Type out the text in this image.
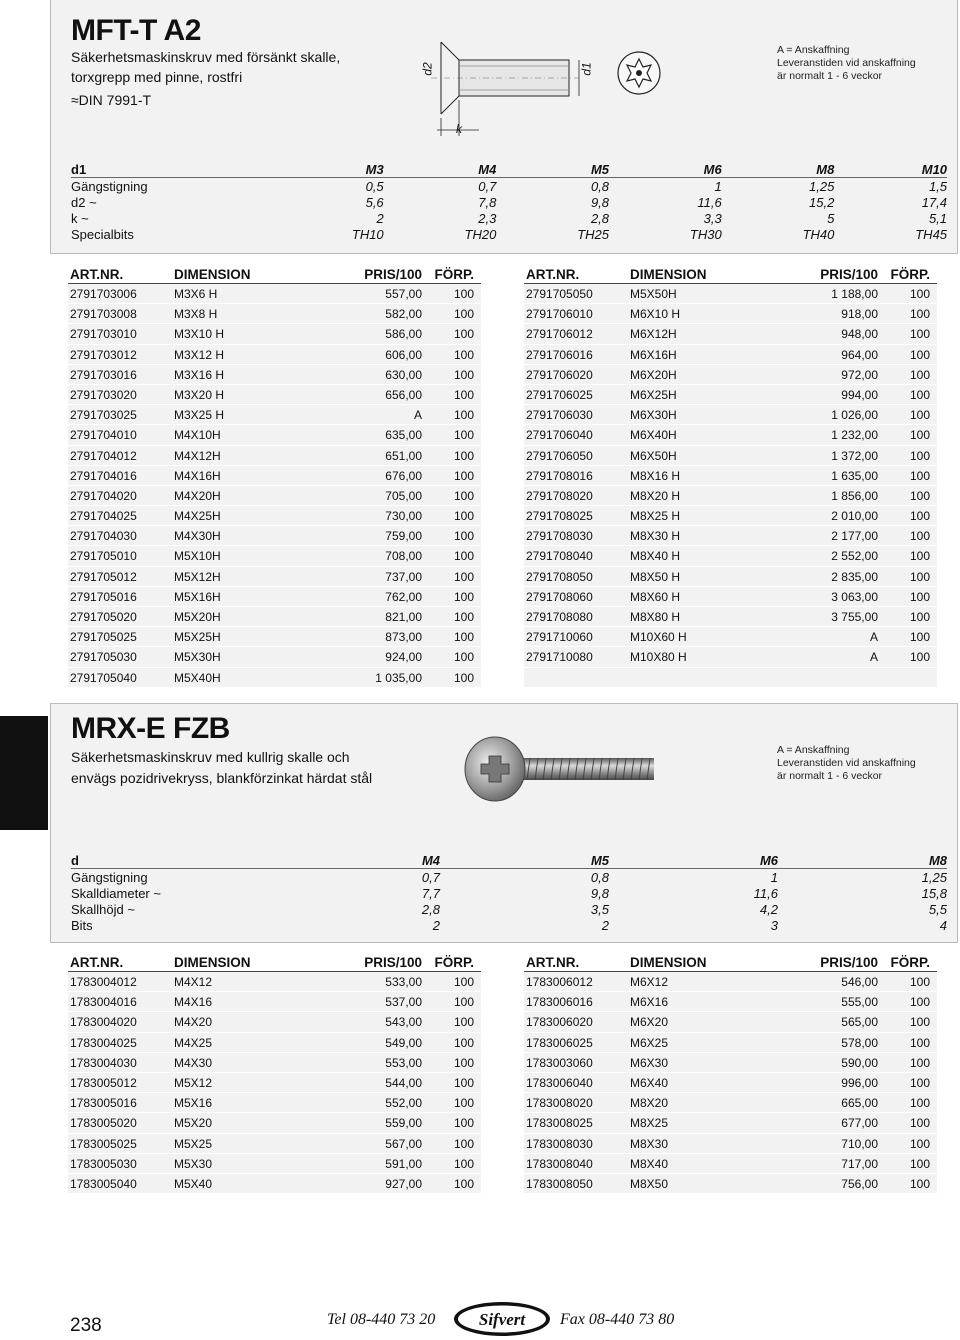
MFT-T A2
Säkerhetsmaskinskruv med försänkt skalle,
torxgrepp med pinne, rostfri
≈DIN 7991-T
d2	d1
k
A = Anskaffning
Leveranstiden vid anskaffning
är normalt 1 - 6 veckor
d1	M3	M4	M5	M6	M8	M10
Gängstigning	0,5	0,7	0,8	1	1,25	1,5
d2 ~	5,6	7,8	9,8	11,6	15,2	17,4
k ~	2	2,3	2,8	3,3	5	5,1
Specialbits	TH10	TH20	TH25	TH30	TH40	TH45
ART.NR.	DIMENSION	PRIS/100 FÖRP.
2791703006	M3X6 H	557,00	100
2791703008	M3X8 H	582,00	100
2791703010	M3X10 H	586,00	100
2791703012	M3X12 H	606,00	100
2791703016	M3X16 H	630,00	100
2791703020	M3X20 H	656,00	100
2791703025	M3X25 H	A	100
2791704010	M4X10H	635,00	100
2791704012	M4X12H	651,00	100
2791704016	M4X16H	676,00	100
2791704020	M4X20H	705,00	100
2791704025	M4X25H	730,00	100
2791704030	M4X30H	759,00	100
2791705010	M5X10H	708,00	100
2791705012	M5X12H	737,00	100
2791705016	M5X16H	762,00	100
2791705020	M5X20H	821,00	100
2791705025	M5X25H	873,00	100
2791705030	M5X30H	924,00	100
2791705040	M5X40H	1 035,00	100
ART.NR.	DIMENSION	PRIS/100 FÖRP.
2791705050	M5X50H	1 188,00	100
2791706010	M6X10 H	918,00	100
2791706012	M6X12H	948,00	100
2791706016	M6X16H	964,00	100
2791706020	M6X20H	972,00	100
2791706025	M6X25H	994,00	100
2791706030	M6X30H	1 026,00	100
2791706040	M6X40H	1 232,00	100
2791706050	M6X50H	1 372,00	100
2791708016	M8X16 H	1 635,00	100
2791708020	M8X20 H	1 856,00	100
2791708025	M8X25 H	2 010,00	100
2791708030	M8X30 H	2 177,00	100
2791708040	M8X40 H	2 552,00	100
2791708050	M8X50 H	2 835,00	100
2791708060	M8X60 H	3 063,00	100
2791708080	M8X80 H	3 755,00	100
2791710060	M10X60 H	A	100
2791710080	M10X80 H	A	100
MRX-E FZB
Säkerhetsmaskinskruv med kullrig skalle och
envägs pozidrivekryss, blankförzinkat härdat stål
A = Anskaffning
Leveranstiden vid anskaffning
är normalt 1 - 6 veckor
d	M4	M5	M6	M8
Gängstigning	0,7	0,8	1	1,25
Skalldiameter ~	7,7	9,8	11,6	15,8
Skallhöjd ~	2,8	3,5	4,2	5,5
Bits	2	2	3	4
ART.NR.	DIMENSION	PRIS/100 FÖRP.
1783004012	M4X12	533,00	100
1783004016	M4X16	537,00	100
1783004020	M4X20	543,00	100
1783004025	M4X25	549,00	100
1783004030	M4X30	553,00	100
1783005012	M5X12	544,00	100
1783005016	M5X16	552,00	100
1783005020	M5X20	559,00	100
1783005025	M5X25	567,00	100
1783005030	M5X30	591,00	100
1783005040	M5X40	927,00	100
ART.NR.	DIMENSION	PRIS/100 FÖRP.
1783006012	M6X12	546,00	100
1783006016	M6X16	555,00	100
1783006020	M6X20	565,00	100
1783006025	M6X25	578,00	100
1783003060	M6X30	590,00	100
1783006040	M6X40	996,00	100
1783008020	M8X20	665,00	100
1783008025	M8X25	677,00	100
1783008030	M8X30	710,00	100
1783008040	M8X40	717,00	100
1783008050	M8X50	756,00	100
238	Tel 08-440 73 20	Sifvert Fax 08-440 73 80
